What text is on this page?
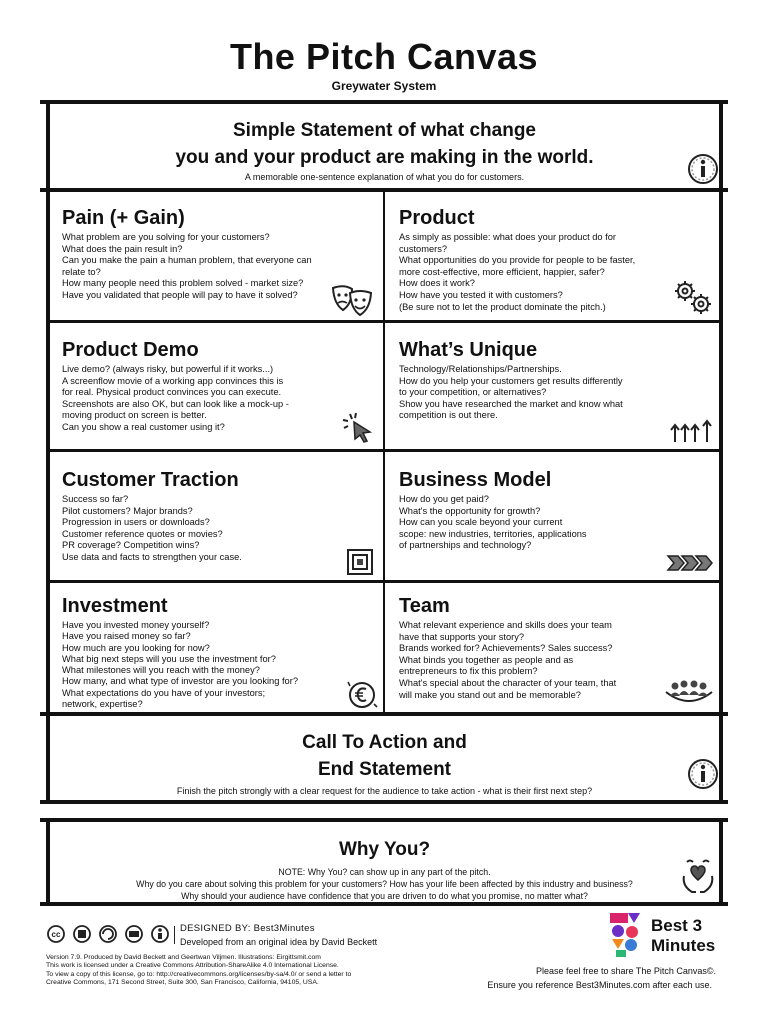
The Pitch Canvas
Greywater System
Simple Statement of what change
you and your product are making in the world.
A memorable one-sentence explanation of what you do for customers.
Pain (+ Gain)
What problem are you solving for your customers?
What does the pain result in?
Can you make the pain a human problem, that everyone can
relate to?
How many people need this problem solved - market size?
Have you validated that people will pay to have it solved?
Product
As simply as possible: what does your product do for
customers?
What opportunities do you provide for people to be faster,
more cost-effective, more efficient, happier, safer?
How does it work?
How have you tested it with customers?
(Be sure not to let the product dominate the pitch.)
Product Demo
Live demo? (always risky, but powerful if it works...)
A screenflow movie of a working app convinces this is
for real. Physical product convinces you can execute.
Screenshots are also OK, but can look like a mock-up -
moving product on screen is better.
Can you show a real customer using it?
What’s Unique
Technology/Relationships/Partnerships.
How do you help your customers get results differently
to your competition, or alternatives?
Show you have researched the market and know what
competition is out there.
Customer Traction
Success so far?
Pilot customers? Major brands?
Progression in users or downloads?
Customer reference quotes or movies?
PR coverage? Competition wins?
Use data and facts to strengthen your case.
Business Model
How do you get paid?
What's the opportunity for growth?
How can you scale beyond your current
scope: new industries, territories, applications
of partnerships and technology?
Investment
Have you invested money yourself?
Have you raised money so far?
How much are you looking for now?
What big next steps will you use the investment for?
What milestones will you reach with the money?
How many, and what type of investor are you looking for?
What expectations do you have of your investors;
network, expertise?
Team
What relevant experience and skills does your team
have that supports your story?
Brands worked for? Achievements? Sales success?
What binds you together as people and as
entrepreneurs to fix this problem?
What's special about the character of your team, that
will make you stand out and be memorable?
Call To Action and
End Statement
Finish the pitch strongly with a clear request for the audience to take action - what is their first next step?
Why You?
NOTE: Why You? can show up in any part of the pitch.
Why do you care about solving this problem for your customers? How has your life been affected by this industry and business?
Why should your audience have confidence that you are driven to do what you promise, no matter what?
cc
DESIGNED BY: Best3Minutes
Developed from an original idea by David Beckett
Version 7.9. Produced by David Beckett and Geertwan Viljmen. Illustrations: Eirgittsmit.com
This work is licensed under a Creative Commons Attribution-ShareAlike 4.0 International License.
To view a copy of this license, go to: http://creativecommons.org/licenses/by-sa/4.0/ or send a letter to
Creative Commons, 171 Second Street, Suite 300, San Francisco, California, 94105, USA.
Best 3
Minutes
Please feel free to share The Pitch Canvas©.
Ensure you reference Best3Minutes.com after each use.
